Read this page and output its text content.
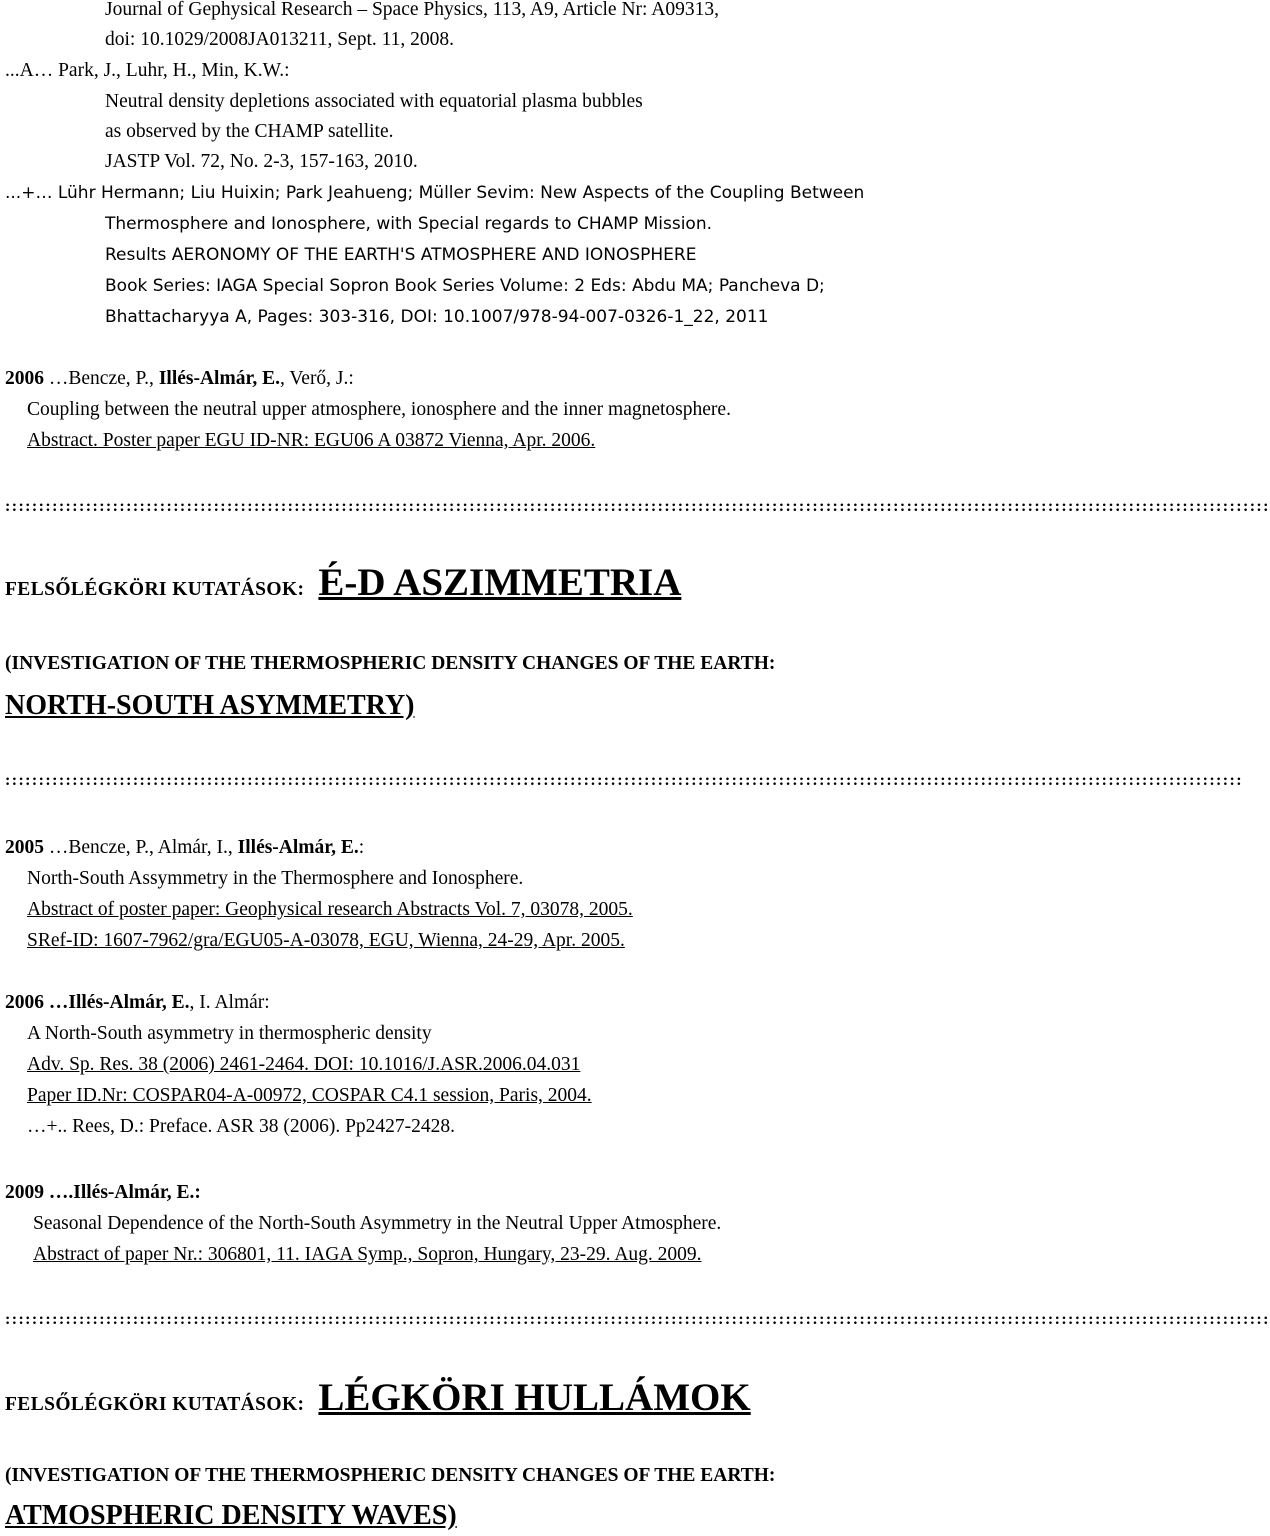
Journal of Gephysical Research – Space Physics, 113, A9, Article Nr: A09313,
doi: 10.1029/2008JA013211, Sept. 11, 2008.
...A… Park, J., Luhr, H., Min, K.W.:
Neutral density depletions associated with equatorial plasma bubbles
as observed by the CHAMP satellite.
JASTP Vol. 72, No. 2-3, 157-163, 2010.
...+… Lühr Hermann; Liu Huixin; Park Jeahueng; Müller Sevim: New Aspects of the Coupling Between
Thermosphere and Ionosphere, with Special regards to CHAMP Mission.
Results AERONOMY OF THE EARTH'S ATMOSPHERE AND IONOSPHERE
Book Series: IAGA Special Sopron Book Series Volume: 2 Eds: Abdu MA; Pancheva D;
Bhattacharyya A, Pages: 303-316, DOI: 10.1007/978-94-007-0326-1_22, 2011
2006 …Bencze, P., Illés-Almár, E., Verő, J.:
Coupling between the neutral upper atmosphere, ionosphere and the inner magnetosphere.
Abstract. Poster paper EGU ID-NR: EGU06 A 03872 Vienna, Apr. 2006.
::::::::::::::::::::::::::::::::::::::::::::::::::::::::::::::::::::::::::::::::::::::::::::::::::::::::::::::::::::::::::::::::::::::::::::::::::::::::::::::::::::::::::::::::::::::::::::
FELSŐLÉGKÖRI KUTATÁSOK: É-D ASZIMMETRIA
(INVESTIGATION OF THE THERMOSPHERIC DENSITY CHANGES OF THE EARTH:
NORTH-SOUTH ASYMMETRY)
::::::::::::::::::::::::::::::::::::::::::::::::::::::::::::::::::::::::::::::::::::::::::::::::::::::::::::::::::::::::::::::::::::::::::::::::::::::::::::::::::::::::::::::::::::::::
2005 …Bencze, P., Almár, I., Illés-Almár, E.:
North-South Assymmetry in the Thermosphere and Ionosphere.
Abstract of poster paper: Geophysical research Abstracts Vol. 7, 03078, 2005.
SRef-ID: 1607-7962/gra/EGU05-A-03078, EGU, Wienna, 24-29, Apr. 2005.
2006 …Illés-Almár, E., I. Almár:
A North-South asymmetry in thermospheric density
Adv. Sp. Res. 38 (2006) 2461-2464. DOI: 10.1016/J.ASR.2006.04.031
Paper ID.Nr: COSPAR04-A-00972, COSPAR C4.1 session, Paris, 2004.
…+.. Rees, D.: Preface. ASR 38 (2006). Pp2427-2428.
2009 ….Illés-Almár, E.:
Seasonal Dependence of the North-South Asymmetry in the Neutral Upper Atmosphere.
Abstract of paper Nr.: 306801, 11. IAGA Symp., Sopron, Hungary, 23-29. Aug. 2009.
::::::::::::::::::::::::::::::::::::::::::::::::::::::::::::::::::::::::::::::::::::::::::::::::::::::::::::::::::::::::::::::::::::::::::::::::::::::::::::::::::::::::::::::::::::::::::::
FELSŐLÉGKÖRI KUTATÁSOK: LÉGKÖRI HULLÁMOK
(INVESTIGATION OF THE THERMOSPHERIC DENSITY CHANGES OF THE EARTH:
ATMOSPHERIC DENSITY WAVES)
